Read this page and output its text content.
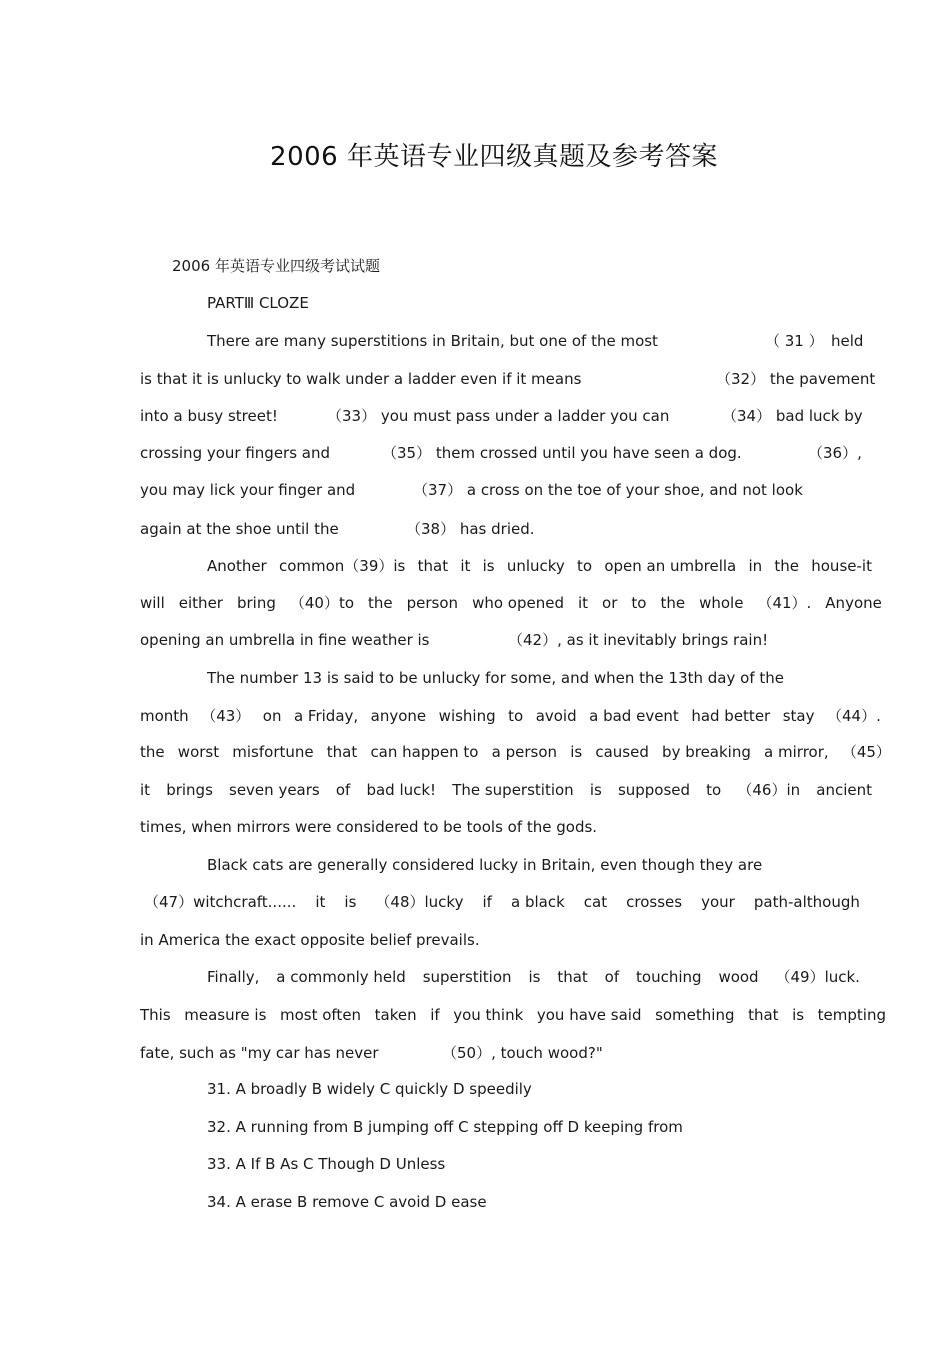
2006 年英语专业四级真题及参考答案
2006 年英语专业四级考试试题
PARTⅢ CLOZE
There are many superstitions in Britain, but one of the most	（ 31 ） held
is that it is unlucky to walk under a ladder even if it means	（32） the pavement
into a busy street!	（33） you must pass under a ladder you can	（34） bad luck by
crossing your fingers and	（35） them crossed until you have seen a dog.	（36）,
you may lick your finger and	（37） a cross on the toe of your shoe, and not look
again at the shoe until the	（38） has dried.
Another common（39）is that it is unlucky to open an umbrella in the house-it
will either bring （40）to the person who opened it or to the whole （41）. Anyone
opening an umbrella in fine weather is	（42）, as it inevitably brings rain!
The number 13 is said to be unlucky for some, and when the 13th day of the
month （43） on a Friday, anyone wishing to avoid a bad event had better stay （44）.
the worst misfortune that can happen to a person is caused by breaking a mirror, （45）
it brings seven years of bad luck! The superstition is supposed to （46）in ancient
times, when mirrors were considered to be tools of the gods.
Black cats are generally considered lucky in Britain, even though they are
（47）witchcraft...... it is （48）lucky if a black cat crosses your path-although
in America the exact opposite belief prevails.
Finally, a commonly held superstition is that of touching wood （49）luck.
This measure is most often taken if you think you have said something that is tempting
fate, such as "my car has never	（50）, touch wood?"
31. A broadly B widely C quickly D speedily
32. A running from B jumping off C stepping off D keeping from
33. A If B As C Though D Unless
34. A erase B remove C avoid D ease
